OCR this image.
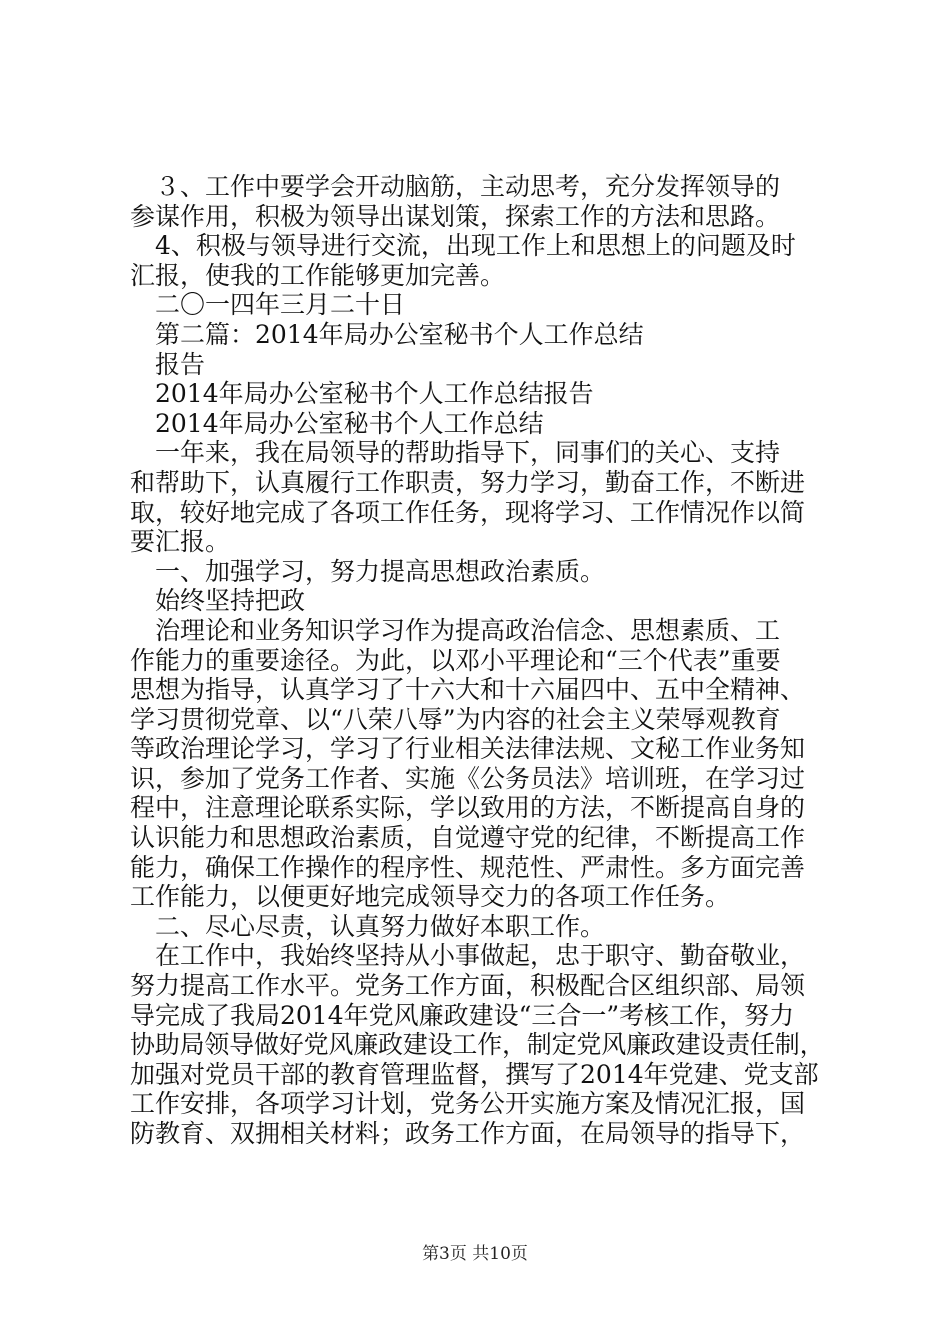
　３、工作中要学会开动脑筋，主动思考，充分发挥领导的
参谋作用，积极为领导出谋划策，探索工作的方法和思路。
　4、积极与领导进行交流，出现工作上和思想上的问题及时
汇报，使我的工作能够更加完善。
　二〇一四年三月二十日
　第二篇：2014年局办公室秘书个人工作总结
　报告
　2014年局办公室秘书个人工作总结报告
　2014年局办公室秘书个人工作总结
　一年来，我在局领导的帮助指导下，同事们的关心、支持
和帮助下，认真履行工作职责，努力学习，勤奋工作，不断进
取，较好地完成了各项工作任务，现将学习、工作情况作以简
要汇报。
　一、加强学习，努力提高思想政治素质。
　始终坚持把政
　治理论和业务知识学习作为提高政治信念、思想素质、工
作能力的重要途径。为此，以邓小平理论和“三个代表”重要
思想为指导，认真学习了十六大和十六届四中、五中全精神、
学习贯彻党章、以“八荣八辱”为内容的社会主义荣辱观教育
等政治理论学习，学习了行业相关法律法规、文秘工作业务知
识，参加了党务工作者、实施《公务员法》培训班，在学习过
程中，注意理论联系实际，学以致用的方法，不断提高自身的
认识能力和思想政治素质，自觉遵守党的纪律，不断提高工作
能力，确保工作操作的程序性、规范性、严肃性。多方面完善
工作能力，以便更好地完成领导交力的各项工作任务。
　二、尽心尽责，认真努力做好本职工作。
　在工作中，我始终坚持从小事做起，忠于职守、勤奋敬业，
努力提高工作水平。党务工作方面，积极配合区组织部、局领
导完成了我局2014年党风廉政建设“三合一”考核工作，努力
协助局领导做好党风廉政建设工作，制定党风廉政建设责任制，
加强对党员干部的教育管理监督，撰写了2014年党建、党支部
工作安排，各项学习计划，党务公开实施方案及情况汇报，国
防教育、双拥相关材料；政务工作方面，在局领导的指导下，
第3页 共10页
